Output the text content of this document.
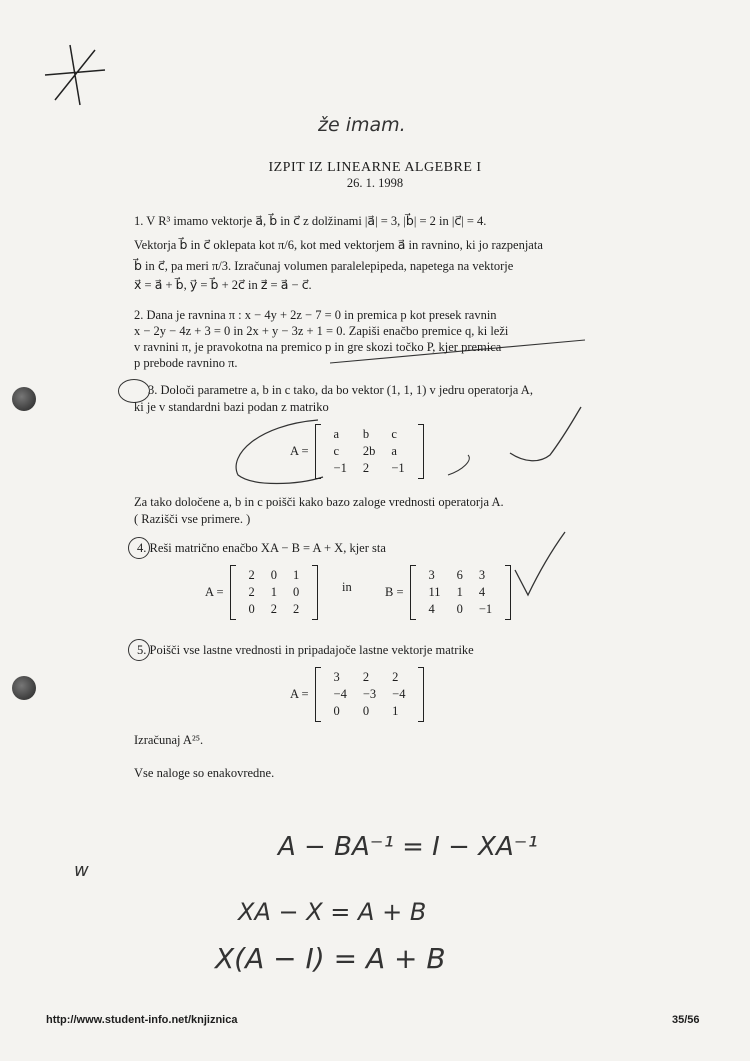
že imam.
IZPIT IZ LINEARNE ALGEBRE I
26. 1. 1998
1. V R³ imamo vektorje a⃗, b⃗ in c⃗ z dolžinami |a⃗| = 3, |b⃗| = 2 in |c⃗| = 4.
Vektorja b⃗ in c⃗ oklepata kot π/6, kot med vektorjem a⃗ in ravnino, ki jo razpenjata
b⃗ in c⃗, pa meri π/3. Izračunaj volumen paralelepipeda, napetega na vektorje
x⃗ = a⃗ + b⃗, y⃗ = b⃗ + 2c⃗ in z⃗ = a⃗ − c⃗.
2. Dana je ravnina π : x − 4y + 2z − 7 = 0 in premica p kot presek ravnin
x − 2y − 4z + 3 = 0 in 2x + y − 3z + 1 = 0. Zapiši enačbo premice q, ki leži
v ravnini π, je pravokotna na premico p in gre skozi točko P, kjer premica
p prebode ravnino π.
3. Določi parametre a, b in c tako, da bo vektor (1, 1, 1) v jedru operatorja A,
ki je v standardni bazi podan z matriko
A =
a	b	c
c	2b	a
−1	2	−1
Za tako določene a, b in c poišči kako bazo zaloge vrednosti operatorja A.
( Razišči vse primere. )
4. Reši matrično enačbo XA − B = A + X, kjer sta
A =
2	0	1
2	1	0
0	2	2
in	B =
3	6	3
11	1	4
4	0	−1
5. Poišči vse lastne vrednosti in pripadajoče lastne vektorje matrike
A =
3	2	2
−4	−3	−4
0	0	1
Izračunaj A²⁵.
Vse naloge so enakovredne.
A − BA⁻¹ = I − XA⁻¹
XA − X = A + B
X(A − I) = A + B
w
http://www.student-info.net/knjiznica	35/56
